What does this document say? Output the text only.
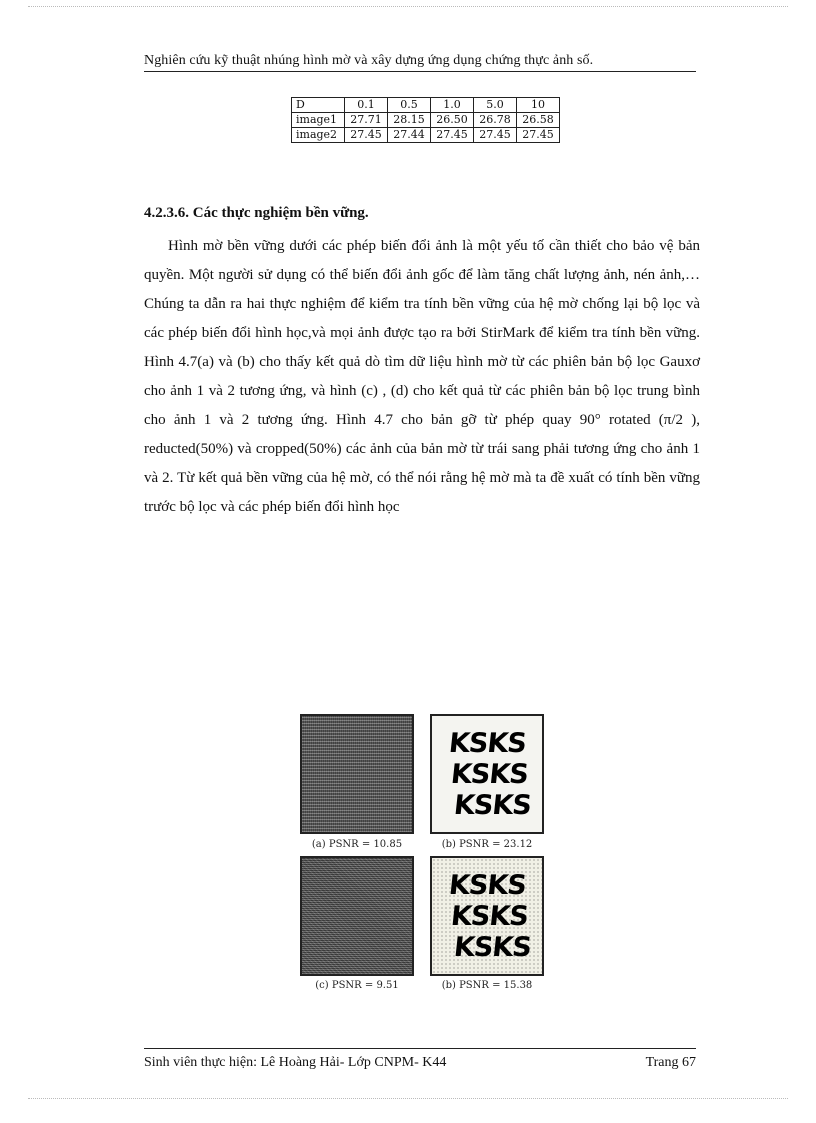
Nghiên cứu kỹ thuật nhúng hình mờ và xây dựng ứng dụng chứng thực ảnh số.
D	0.1	0.5	1.0	5.0	10
image1	27.71	28.15	26.50	26.78	26.58
image2	27.45	27.44	27.45	27.45	27.45
4.2.3.6. Các thực nghiệm bền vững.

Hình mờ bền vững dưới các phép biến đổi ảnh là một yếu tố cần thiết cho bảo vệ bản quyền. Một người sử dụng có thể biến đổi ảnh gốc để làm tăng chất lượng ảnh, nén ảnh,…Chúng ta dẫn ra hai thực nghiệm để kiểm tra tính bền vững của hệ mờ chống lại bộ lọc và các phép biến đổi hình học,và mọi ảnh được tạo ra bởi StirMark để kiểm tra tính bền vững. Hình 4.7(a) và (b) cho thấy kết quả dò tìm dữ liệu hình mờ từ các phiên bản bộ lọc Gauxơ cho ảnh 1 và 2 tương ứng, và hình (c) , (d) cho kết quả từ các phiên bản bộ lọc trung bình cho ảnh 1 và 2 tương ứng. Hình 4.7 cho bản gỡ từ phép quay 90° rotated (π/2 ), reducted(50%) và cropped(50%) các ảnh của bản mờ từ trái sang phải tương ứng cho ảnh 1 và 2. Từ kết quả bền vững của hệ mờ, có thể nói rằng hệ mờ mà ta đề xuất có tính bền vững trước bộ lọc và các phép biến đổi hình học

(a) PSNR = 10.85
KSKS
KSKS
KSKS
(b) PSNR = 23.12
(c) PSNR = 9.51
KSKS
KSKS
KSKS
(b) PSNR = 15.38
Sinh viên thực hiện: Lê Hoàng Hải- Lớp CNPM- K44	Trang 67
